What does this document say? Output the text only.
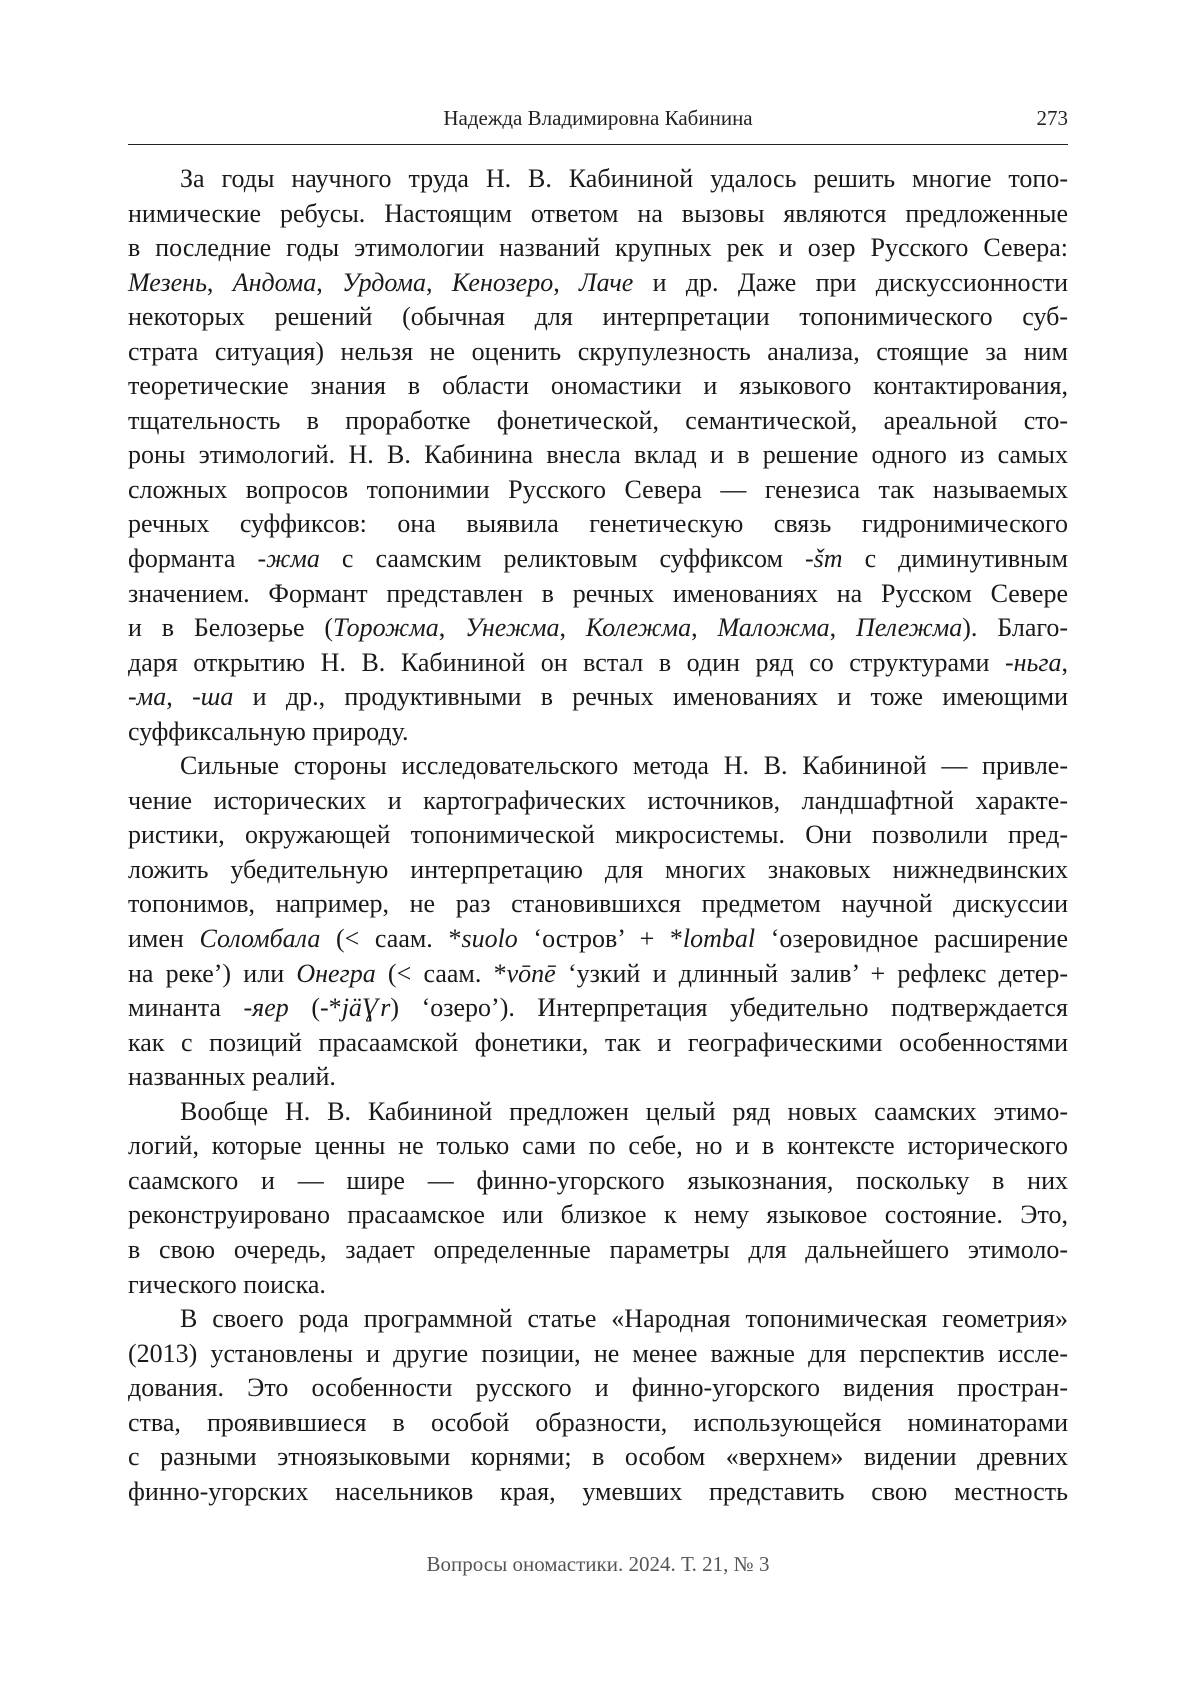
Надежда Владимировна Кабинина	273
За годы научного труда Н. В. Кабининой удалось решить многие топо-
нимические ребусы. Настоящим ответом на вызовы являются предложенные
в последние годы этимологии названий крупных рек и озер Русского Севера:
Мезень, Андома, Урдома, Кенозеро, Лаче и др. Даже при дискуссионности
некоторых решений (обычная для интерпретации топонимического суб-
страта ситуация) нельзя не оценить скрупулезность анализа, стоящие за ним
теоретические знания в области ономастики и языкового контактирования,
тщательность в проработке фонетической, семантической, ареальной сто-
роны этимологий. Н. В. Кабинина внесла вклад и в решение одного из самых
сложных вопросов топонимии Русского Севера — генезиса так называемых
речных суффиксов: она выявила генетическую связь гидронимического
форманта -жма с саамским реликтовым суффиксом -šm с диминутивным
значением. Формант представлен в речных именованиях на Русском Севере
и в Белозерье (Торожма, Унежма, Колежма, Маложма, Пележма). Благо-
даря открытию Н. В. Кабининой он встал в один ряд со структурами -ньга,
-ма, -ша и др., продуктивными в речных именованиях и тоже имеющими
суффиксальную природу.
Сильные стороны исследовательского метода Н. В. Кабининой — привле-
чение исторических и картографических источников, ландшафтной характе-
ристики, окружающей топонимической микросистемы. Они позволили пред-
ложить убедительную интерпретацию для многих знаковых нижнедвинских
топонимов, например, не раз становившихся предметом научной дискуссии
имен Соломбала (< саам. *suolo ‘остров’ + *lombal ‘озеровидное расширение
на реке’) или Онегра (< саам. *vōnē ‘узкий и длинный залив’ + рефлекс детер-
минанта -яер (-*jäƔr) ‘озеро’). Интерпретация убедительно подтверждается
как с позиций прасаамской фонетики, так и географическими особенностями
названных реалий.
Вообще Н. В. Кабининой предложен целый ряд новых саамских этимо-
логий, которые ценны не только сами по себе, но и в контексте исторического
саамского и — шире — финно-угорского языкознания, поскольку в них
реконструировано прасаамское или близкое к нему языковое состояние. Это,
в свою очередь, задает определенные параметры для дальнейшего этимоло-
гического поиска.
В своего рода программной статье «Народная топонимическая геометрия»
(2013) установлены и другие позиции, не менее важные для перспектив иссле-
дования. Это особенности русского и финно-угорского видения простран-
ства, проявившиеся в особой образности, использующейся номинаторами
с разными этноязыковыми корнями; в особом «верхнем» видении древних
финно-угорских насельников края, умевших представить свою местность
Вопросы ономастики. 2024. Т. 21, № 3
